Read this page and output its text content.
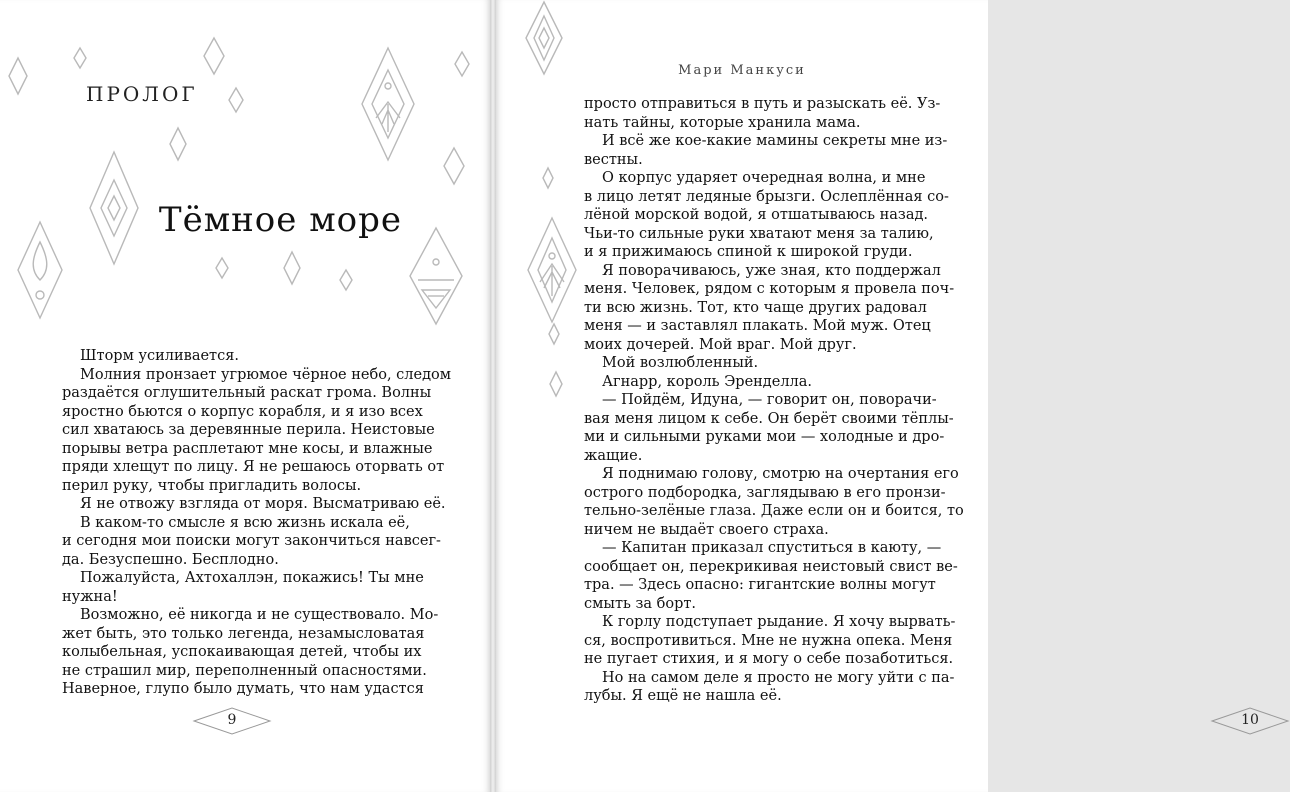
ПРОЛОГ
Тёмное море
Шторм усиливается.
Молния пронзает угрюмое чёрное небо, следом
раздаётся оглушительный раскат грома. Волны
яростно бьются о корпус корабля, и я изо всех
сил хватаюсь за деревянные перила. Неистовые
порывы ветра расплетают мне косы, и влажные
пряди хлещут по лицу. Я не решаюсь оторвать от
перил руку, чтобы пригладить волосы.
Я не отвожу взгляда от моря. Высматриваю её.
В каком-то смысле я всю жизнь искала её,
и сегодня мои поиски могут закончиться навсег-
да. Безуспешно. Бесплодно.
Пожалуйста, Ахтохаллэн, покажись! Ты мне
нужна!
Возможно, её никогда и не существовало. Мо-
жет быть, это только легенда, незамысловатая
колыбельная, успокаивающая детей, чтобы их
не страшил мир, переполненный опасностями.
Наверное, глупо было думать, что нам удастся
9
Мари Манкуси
просто отправиться в путь и разыскать её. Уз-
нать тайны, которые хранила мама.
И всё же кое-какие мамины секреты мне из-
вестны.
О корпус ударяет очередная волна, и мне
в лицо летят ледяные брызги. Ослеплённая со-
лёной морской водой, я отшатываюсь назад.
Чьи-то сильные руки хватают меня за талию,
и я прижимаюсь спиной к широкой груди.
Я поворачиваюсь, уже зная, кто поддержал
меня. Человек, рядом с которым я провела поч-
ти всю жизнь. Тот, кто чаще других радовал
меня — и заставлял плакать. Мой муж. Отец
моих дочерей. Мой враг. Мой друг.
Мой возлюбленный.
Агнарр, король Эренделла.
— Пойдём, Идуна, — говорит он, поворачи-
вая меня лицом к себе. Он берёт своими тёплы-
ми и сильными руками мои — холодные и дро-
жащие.
Я поднимаю голову, смотрю на очертания его
острого подбородка, заглядываю в его пронзи-
тельно-зелёные глаза. Даже если он и боится, то
ничем не выдаёт своего страха.
— Капитан приказал спуститься в каюту, —
сообщает он, перекрикивая неистовый свист ве-
тра. — Здесь опасно: гигантские волны могут
смыть за борт.
К горлу подступает рыдание. Я хочу вырвать-
ся, воспротивиться. Мне не нужна опека. Меня
не пугает стихия, и я могу о себе позаботиться.
Но на самом деле я просто не могу уйти с па-
лубы. Я ещё не нашла её.
10
